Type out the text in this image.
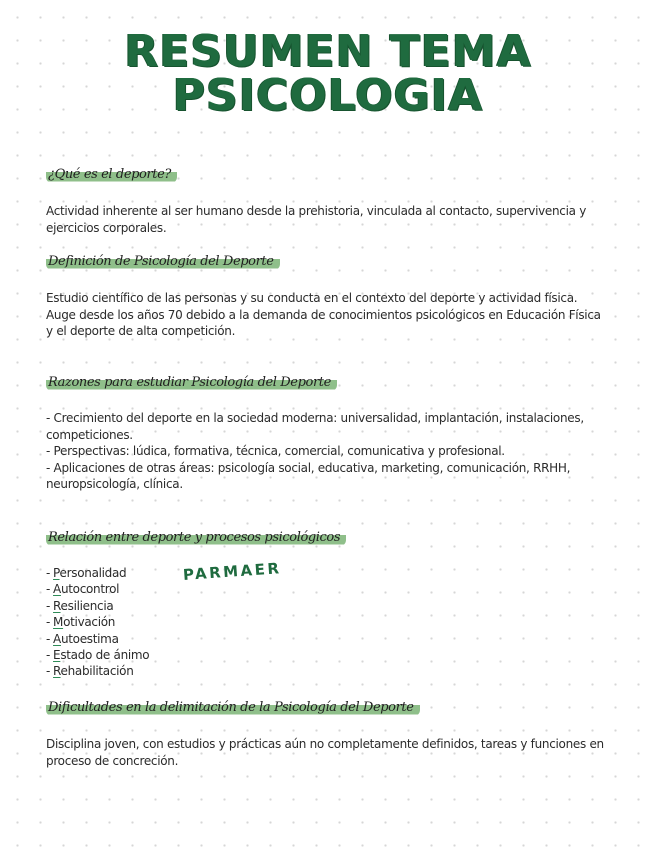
RESUMEN TEMA
PSICOLOGIA
¿Qué es el deporte?

Actividad inherente al ser humano desde la prehistoria, vinculada al contacto, supervivencia y ejercicios corporales.

Definición de Psicología del Deporte

Estudio científico de las personas y su conducta en el contexto del deporte y actividad física. Auge desde los años 70 debido a la demanda de conocimientos psicológicos en Educación Física y el deporte de alta competición.

Razones para estudiar Psicología del Deporte
- Crecimiento del deporte en la sociedad moderna: universalidad, implantación, instalaciones, competiciones.
- Perspectivas: lúdica, formativa, técnica, comercial, comunicativa y profesional.
- Aplicaciones de otras áreas: psicología social, educativa, marketing, comunicación, RRHH, neuropsicología, clínica.
Relación entre deporte y procesos psicológicos
- Personalidad
- Autocontrol
- Resiliencia
- Motivación
- Autoestima
- Estado de ánimo
- Rehabilitación
PARMAER
Dificultades en la delimitación de la Psicología del Deporte

Disciplina joven, con estudios y prácticas aún no completamente definidos, tareas y funciones en proceso de concreción.
